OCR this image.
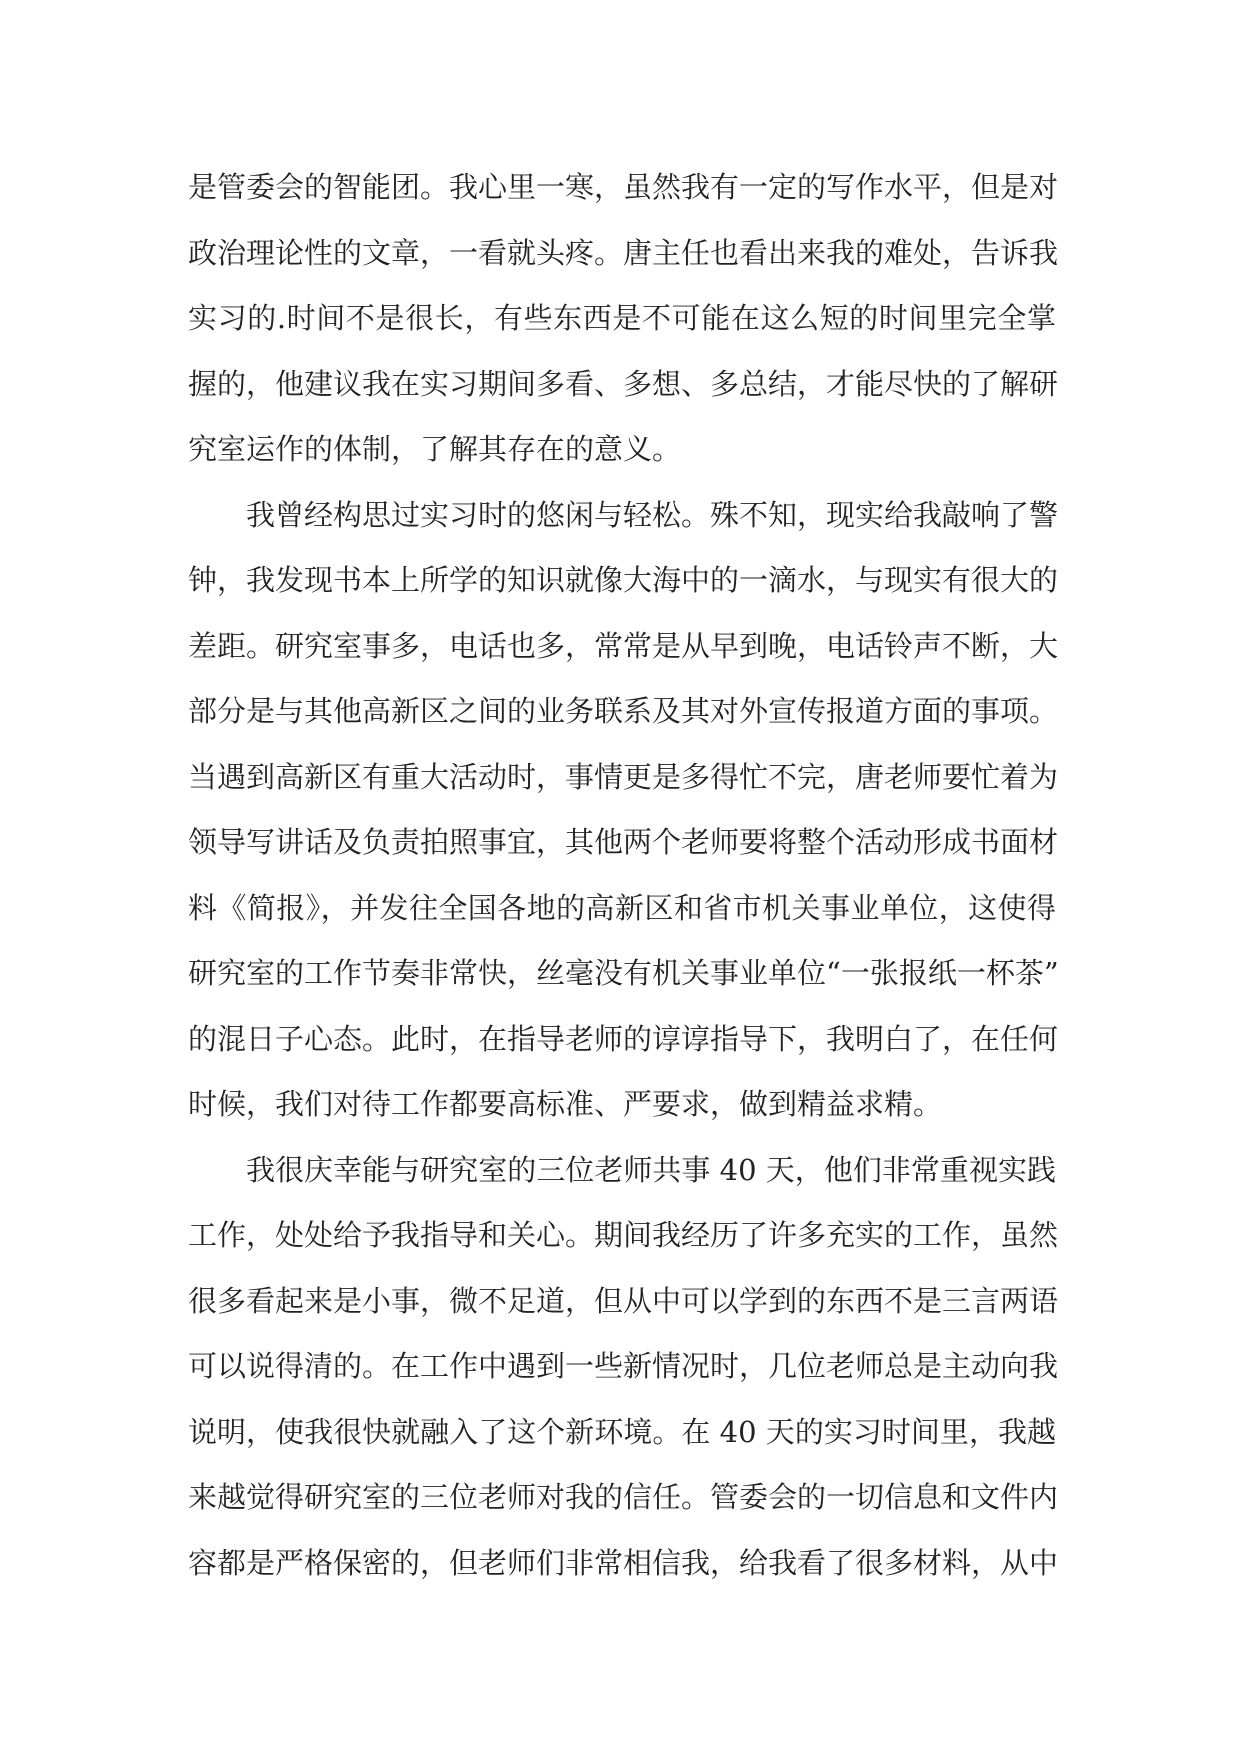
是管委会的智能团。我心里一寒，虽然我有一定的写作水平，但是对
政治理论性的文章，一看就头疼。唐主任也看出来我的难处，告诉我
实习的.时间不是很长，有些东西是不可能在这么短的时间里完全掌
握的，他建议我在实习期间多看、多想、多总结，才能尽快的了解研
究室运作的体制，了解其存在的意义。
我曾经构思过实习时的悠闲与轻松。殊不知，现实给我敲响了警
钟，我发现书本上所学的知识就像大海中的一滴水，与现实有很大的
差距。研究室事多，电话也多，常常是从早到晚，电话铃声不断，大
部分是与其他高新区之间的业务联系及其对外宣传报道方面的事项。
当遇到高新区有重大活动时，事情更是多得忙不完，唐老师要忙着为
领导写讲话及负责拍照事宜，其他两个老师要将整个活动形成书面材
料《简报》，并发往全国各地的高新区和省市机关事业单位，这使得
研究室的工作节奏非常快，丝毫没有机关事业单位“一张报纸一杯茶”
的混日子心态。此时，在指导老师的谆谆指导下，我明白了，在任何
时候，我们对待工作都要高标准、严要求，做到精益求精。
我很庆幸能与研究室的三位老师共事 40 天，他们非常重视实践
工作，处处给予我指导和关心。期间我经历了许多充实的工作，虽然
很多看起来是小事，微不足道，但从中可以学到的东西不是三言两语
可以说得清的。在工作中遇到一些新情况时，几位老师总是主动向我
说明，使我很快就融入了这个新环境。在 40 天的实习时间里，我越
来越觉得研究室的三位老师对我的信任。管委会的一切信息和文件内
容都是严格保密的，但老师们非常相信我，给我看了很多材料，从中
